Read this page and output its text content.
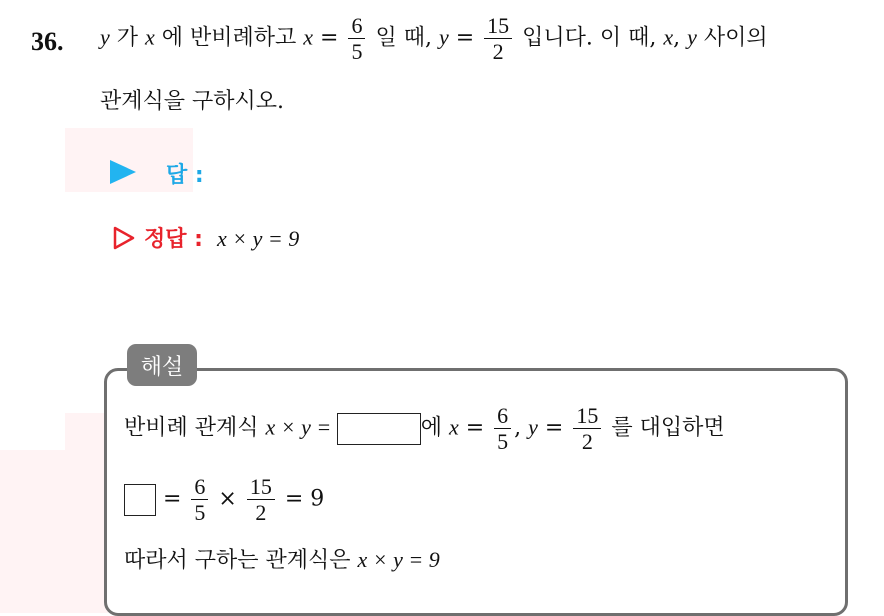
36. y 가 x 에 반비례하고 $x = \frac{6}{5}$ 일 때, $y = \frac{15}{2}$ 입니다. 이 때, x, y 사이의
관계식을 구하시오.
답 :
정답 : x × y = 9
해설
반비례 관계식 x × y =	에 $x = \frac{6}{5}$ , $y = \frac{15}{2}$ 를 대입하면
= $\frac{6}{5} \times \frac{15}{2} = 9$
따라서 구하는 관계식은 x × y = 9
